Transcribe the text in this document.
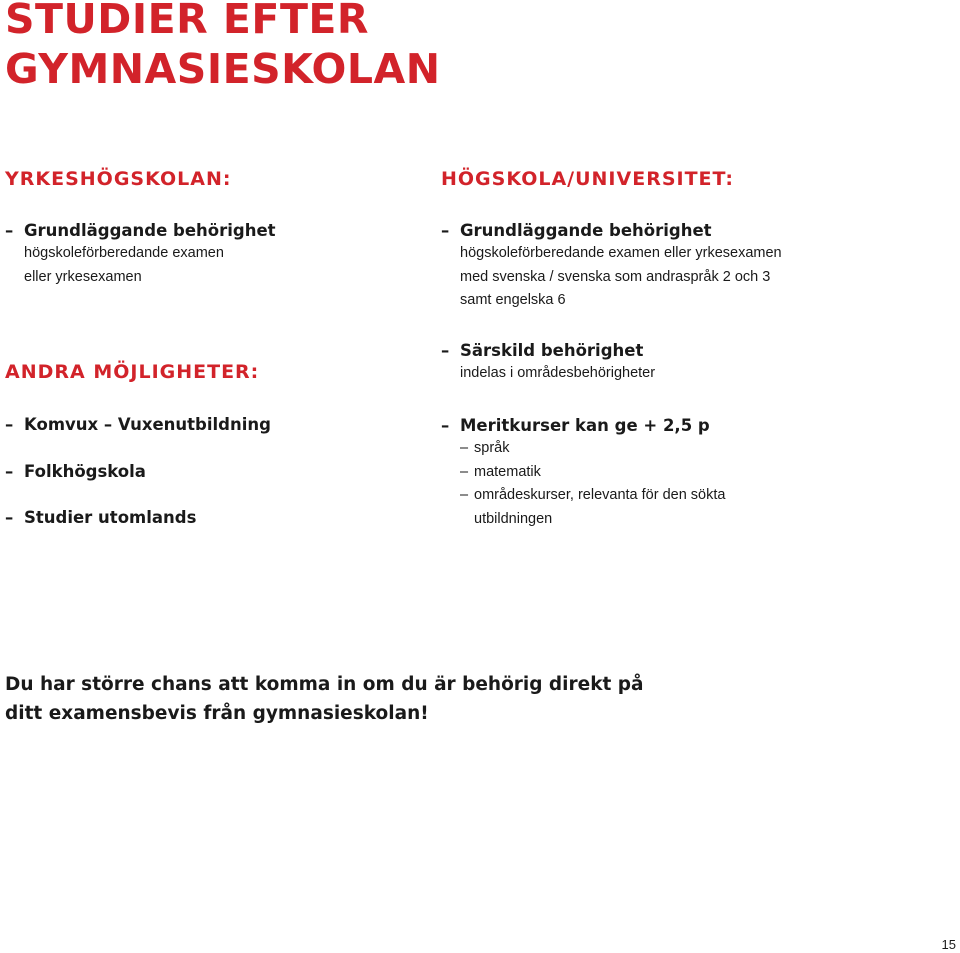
STUDIER EFTER
GYMNASIESKOLAN
YRKESHÖGSKOLAN:
– Grundläggande behörighet
högskoleförberedande examen
eller yrkesexamen
ANDRA MÖJLIGHETER:
– Komvux – Vuxenutbildning
– Folkhögskola
– Studier utomlands
HÖGSKOLA/UNIVERSITET:
– Grundläggande behörighet
högskoleförberedande examen eller yrkesexamen
med svenska / svenska som andraspråk 2 och 3
samt engelska 6
– Särskild behörighet
indelas i områdesbehörigheter
– Meritkurser kan ge + 2,5 p
– språk
– matematik
– områdeskurser, relevanta för den sökta utbildningen

Du har större chans att komma in om du är behörig direkt på
ditt examensbevis från gymnasieskolan!

15
